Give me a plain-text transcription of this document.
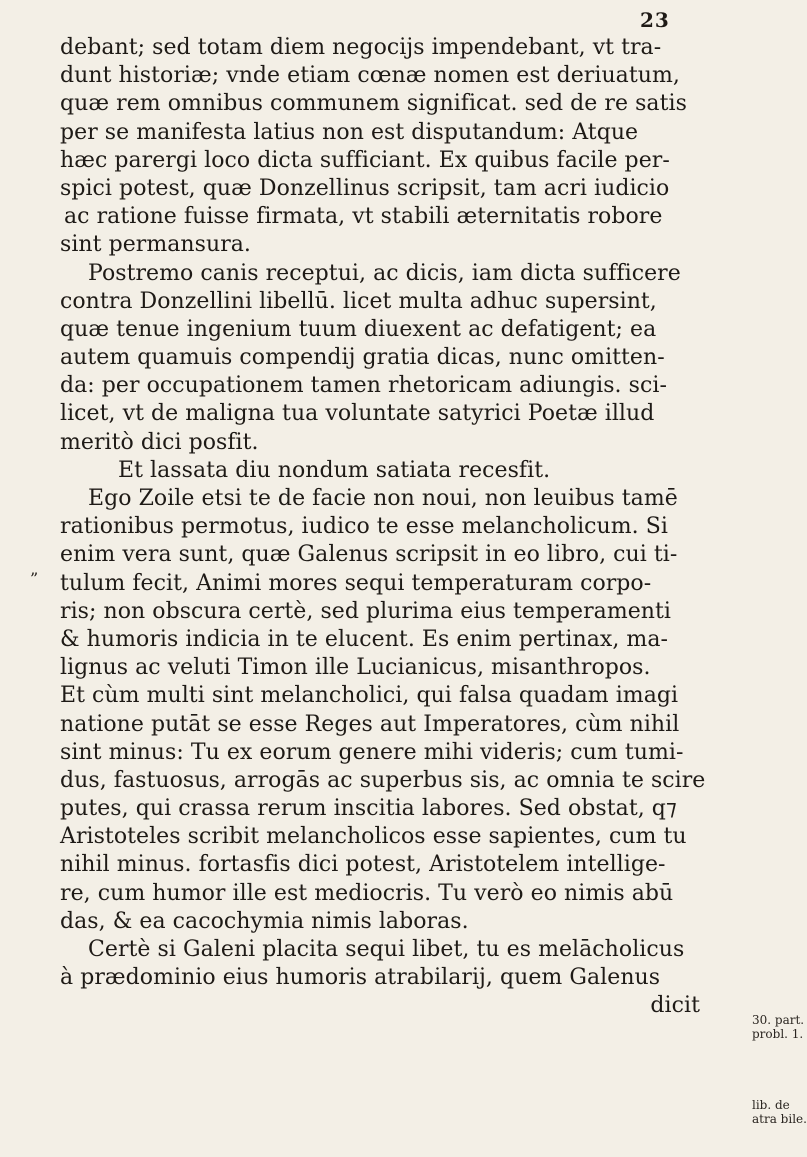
23
”
debant; sed totam diem negocijs impendebant, vt tra-
dunt historiæ; vnde etiam cœnæ nomen est deriuatum,
quæ rem omnibus communem significat. sed de re satis
per se manifesta latius non est disputandum: Atque
hæc parergi loco dicta sufficiant. Ex quibus facile per-
spici potest, quæ Donzellinus scripsit, tam acri iudicio
ac ratione fuisse firmata, vt stabili æternitatis robore
sint permansura.
Postremo canis receptui, ac dicis, iam dicta sufficere
contra Donzellini libellū. licet multa adhuc supersint,
quæ tenue ingenium tuum diuexent ac defatigent; ea
autem quamuis compendij gratia dicas, nunc omitten-
da: per occupationem tamen rhetoricam adiungis. sci-
licet, vt de maligna tua voluntate satyrici Poetæ illud
meritò dici posfit.
Et lassata diu nondum satiata recesfit.
Ego Zoile etsi te de facie non noui, non leuibus tamē
rationibus permotus, iudico te esse melancholicum. Si
enim vera sunt, quæ Galenus scripsit in eo libro, cui ti-
tulum fecit, Animi mores sequi temperaturam corpo-
ris; non obscura certè, sed plurima eius temperamenti
& humoris indicia in te elucent. Es enim pertinax, ma-
lignus ac veluti Timon ille Lucianicus, misanthropos.
Et cùm multi sint melancholici, qui falsa quadam imagi
natione putāt se esse Reges aut Imperatores, cùm nihil
sint minus: Tu ex eorum genere mihi videris; cum tumi-
dus, fastuosus, arrogās ac superbus sis, ac omnia te scire
putes, qui crassa rerum inscitia labores. Sed obstat, q⁊
Aristoteles scribit melancholicos esse sapientes, cum tu
nihil minus. fortasfis dici potest, Aristotelem intellige-
re, cum humor ille est mediocris. Tu verò eo nimis abū
das, & ea cacochymia nimis laboras.
Certè si Galeni placita sequi libet, tu es melācholicus
à prædominio eius humoris atrabilarij, quem Galenus
dicit
30. part.
probl. 1.
lib. de
atra bile.
